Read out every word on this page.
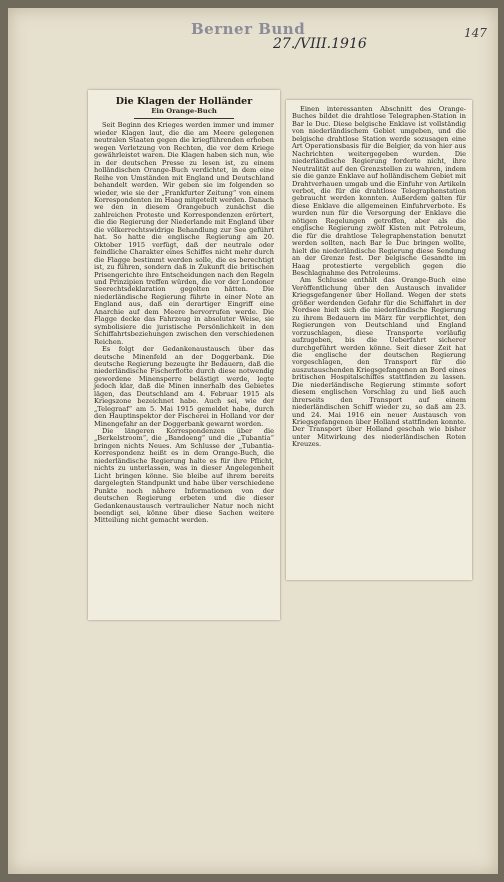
Berner Bund
27./VIII.1916
147
Die Klagen der Holländer
Ein Orange-Buch

Seit Beginn des Krieges werden immer und immer wieder Klagen laut, die die am Meere gelegenen neutralen Staaten gegen die kriegführenden erhoben wegen Verletzung von Rechten, die vor dem Kriege gewährleistet waren. Die Klagen haben sich nun, wie in der deutschen Presse zu lesen ist, zu einem holländischen Orange-Buch verdichtet, in dem eine Reihe von Umständen mit England und Deutschland behandelt werden. Wir geben sie im folgenden so wieder, wie sie der „Frankfurter Zeitung“ von einem Korrespondenten im Haag mitgeteilt werden. Danach we den in diesem Orangebuch zunächst die zahlreichen Proteste und Korrespondenzen erörtert, die die Regierung der Niederlande mit England über die völkerrechtswidrige Behandlung zur See geführt hat. So hatte die englische Regierung am 20. Oktober 1915 verfügt, daß der neutrale oder feindliche Charakter eines Schiffes nicht mehr durch die Flagge bestimmt werden solle, die es berechtigt ist, zu führen, sondern daß in Zukunft die britischen Prisengerichte ihre Entscheidungen nach den Regeln und Prinzipien treffen würden, die vor der Londoner Seerechtsdeklaration gegolten hätten. Die niederländische Regierung führte in einer Note an England aus, daß ein derartiger Eingriff eine Anarchie auf dem Meere hervorrufen werde. Die Flagge decke das Fahrzeug in absoluter Weise, sie symbolisiere die juristische Persönlichkeit in den Schiffahrtsbeziehungen zwischen den verschiedenen Reichen.

Es folgt der Gedankenaustausch über das deutsche Minenfeld an der Doggerbank. Die deutsche Regierung bezeugte ihr Bedauern, daß die niederländische Fischerflotte durch diese notwendig gewordene Minensperre belästigt werde, legte jedoch klar, daß die Minen innerhalb des Gebietes lägen, das Deutschland am 4. Februar 1915 als Kriegszone bezeichnet habe. Auch sei, wie der „Telegraaf“ am 5. Mai 1915 gemeldet habe, durch den Hauptinspektor der Fischerei in Holland vor der Minengefahr an der Doggerbank gewarnt worden.

Die längeren Korrespondenzen über die „Berkelstroom“, die „Bandoeng“ und die „Tubantia“ bringen nichts Neues. Am Schlusse der „Tubantia-Korrespondenz heißt es in dem Orange-Buch, die niederländische Regierung halte es für ihre Pflicht, nichts zu unterlassen, was in dieser Angelegenheit Licht bringen könne. Sie bleibe auf ihrem bereits dargelegten Standpunkt und habe über verschiedene Punkte noch nähere Informationen von der deutschen Regierung erbeten und die dieser Gedankenaustausch vertraulicher Natur noch nicht beendigt sei, könne über diese Sachen weitere Mitteilung nicht gemacht werden.

Einen interessanten Abschnitt des Orange-Buches bildet die drahtlose Telegraphen-Station in Bar le Duc. Diese belgische Enklave ist vollständig von niederländischem Gebiet umgeben, und die belgische drahtlose Station werde sozusagen eine Art Operationsbasis für die Belgier, da von hier aus Nachrichten weitergegeben wurden. Die niederländische Regierung forderte nicht, ihre Neutralität auf den Grenzstellen zu wahren, indem sie die ganze Enklave auf holländischem Gebiet mit Drahtverhauen umgab und die Einfuhr von Artikeln verbot, die für die drahtlose Telegraphenstation gebraucht werden konnten. Außerdem galten für diese Enklave die allgemeinen Einfuhrverbote. Es wurden nun für die Versorgung der Enklave die nötigen Regelungen getroffen, aber als die englische Regierung zwölf Kisten mit Petroleum, die für die drahtlose Telegraphenstation benutzt werden sollten, nach Bar le Duc bringen wollte, hielt die niederländische Regierung diese Sendung an der Grenze fest. Der belgische Gesandte im Haag protestierte vergeblich gegen die Beschlagnahme des Petroleums.

Am Schlusse enthält das Orange-Buch eine Veröffentlichung über den Austausch invalider Kriegsgefangener über Holland. Wegen der stets größer werdenden Gefahr für die Schiffahrt in der Nordsee hielt sich die niederländische Regierung zu ihrem Bedauern im März für verpflichtet, den Regierungen von Deutschland und England vorzuschlagen, diese Transporte vorläufig aufzugeben, bis die Ueberfahrt sicherer durchgeführt werden könne. Seit dieser Zeit hat die englische der deutschen Regierung vorgeschlagen, den Transport für die auszutauschenden Kriegsgefangenen an Bord eines britischen Hospitalschiffes stattfinden zu lassen. Die niederländische Regierung stimmte sofort diesem englischen Vorschlag zu und ließ auch ihrerseits den Transport auf einem niederländischen Schiff wieder zu, so daß am 23. und 24. Mai 1916 ein neuer Austausch von Kriegsgefangenen über Holland stattfinden konnte. Der Transport über Holland geschah wie bisher unter Mitwirkung des niederländischen Roten Kreuzes.
